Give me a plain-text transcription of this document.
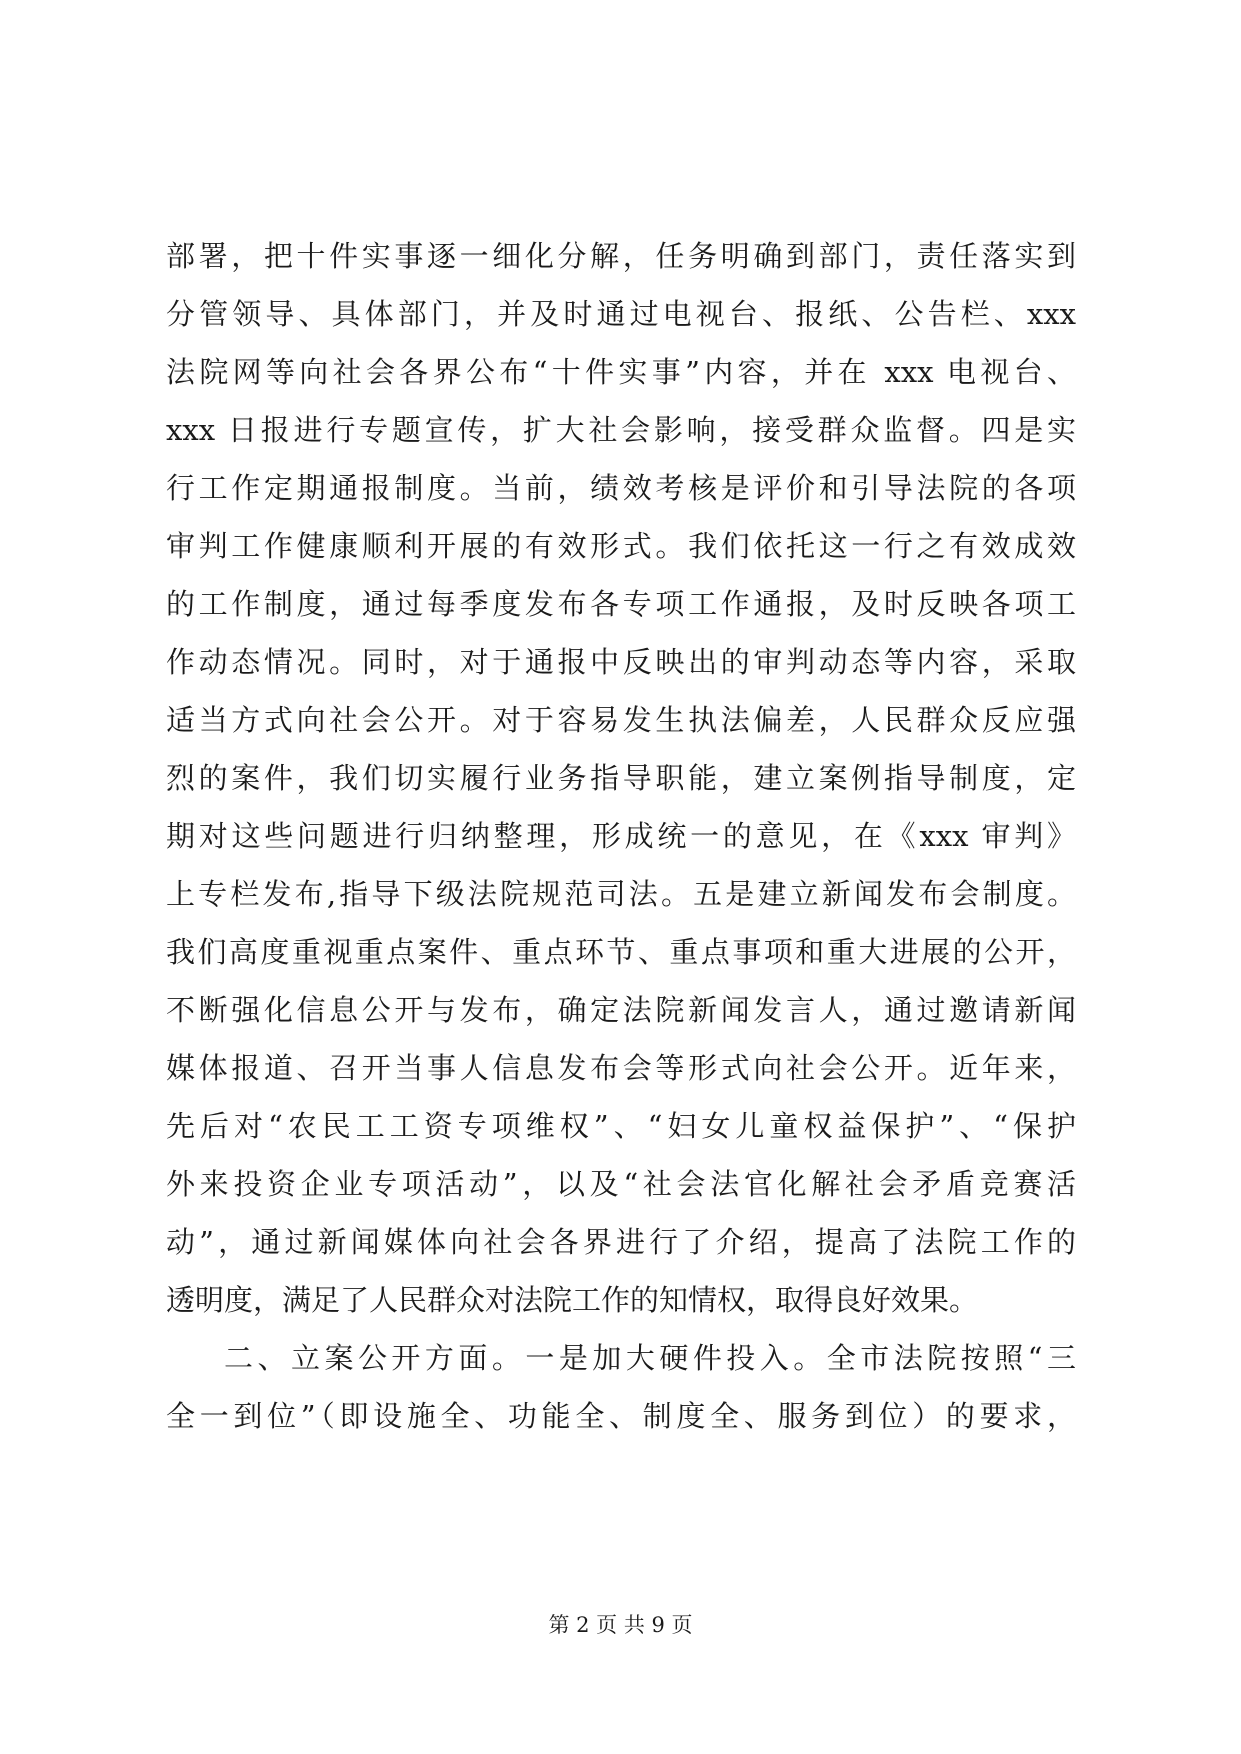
部署，把十件实事逐一细化分解，任务明确到部门，责任落实到
分管领导、具体部门，并及时通过电视台、报纸、公告栏、xxx
法院网等向社会各界公布“十件实事”内容，并在 xxx 电视台、
xxx 日报进行专题宣传，扩大社会影响，接受群众监督。四是实
行工作定期通报制度。当前，绩效考核是评价和引导法院的各项
审判工作健康顺利开展的有效形式。我们依托这一行之有效成效
的工作制度，通过每季度发布各专项工作通报，及时反映各项工
作动态情况。同时，对于通报中反映出的审判动态等内容，采取
适当方式向社会公开。对于容易发生执法偏差，人民群众反应强
烈的案件，我们切实履行业务指导职能，建立案例指导制度，定
期对这些问题进行归纳整理，形成统一的意见，在《xxx 审判》
上专栏发布,指导下级法院规范司法。五是建立新闻发布会制度。
我们高度重视重点案件、重点环节、重点事项和重大进展的公开，
不断强化信息公开与发布，确定法院新闻发言人，通过邀请新闻
媒体报道、召开当事人信息发布会等形式向社会公开。近年来，
先后对“农民工工资专项维权”、“妇女儿童权益保护”、“保护
外来投资企业专项活动”，以及“社会法官化解社会矛盾竞赛活
动”，通过新闻媒体向社会各界进行了介绍，提高了法院工作的
透明度，满足了人民群众对法院工作的知情权，取得良好效果。
二、立案公开方面。一是加大硬件投入。全市法院按照“三
全一到位”（即设施全、功能全、制度全、服务到位）的要求，
第 2 页 共 9 页
